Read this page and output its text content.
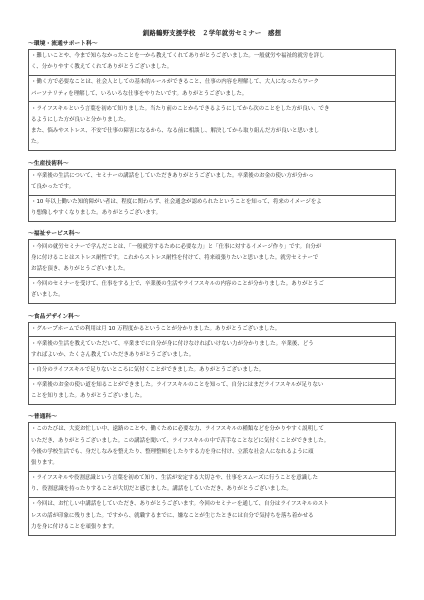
釧路鶴野支援学校　２学年就労セミナー　感想
～環境・流通サポート科～
・難しいことや、今まで知らなかったことを一から教えてくれてありがとうございました。一般就労や福祉的就労を詳し
く、分かりやすく教えてくれてありがとうございました。

・働く方で必要なことは、社会人としての基本的ルールができること、仕事の内容を理解して、大人になったらワーク
パーソナリティを理解して、いろいろな仕事をやりたいです。ありがとうございました。

・ライフスキルという言葉を初めて知りました。当たり前のことからできるようにしてから次のことをした方が良い、でき
るようにした方が良いと分かりました。
また、悩みやストレス、不安で仕事の障害になるから、なる前に相談し、解決してから取り組んだ方が良いと思いまし
た。
～生産技術科～
・卒業後の生活について、セミナーの講話をしていただきありがとうございました。卒業後のお金の使い方が分かっ
て良かったです。

・10 年以上働いた知的障がい者は、程度に関わらず、社会通念が認められたということを知って、将来のイメージをよ
り想像しやすくなりました。ありがとうございます。
～福祉サービス科～
・今回の就労セミナーで学んだことは、「一般就労するために必要な力」と「仕事に対するイメージ作り」です。自分が
身に付けることはストレス耐性です。これからストレス耐性を付けて、将来頑張りたいと思いました。就労セミナーで
お話を頂き、ありがとうございました。

・今回のセミナーを受けて、仕事をする上で、卒業後の生活やライフスキルの内容のことが分かりました。ありがとうご
ざいました。
～食品デザイン科～
・グループホームでの利用は月 10 万程度かるということが分かりました。ありがとうございました。

・卒業後の生活を教えていただいて、卒業までに自分が身に付けなければいけない力が分かりました。卒業後、どう
すればよいか、たくさん教えていただきありがとうございました。

・自分のライフスキルで足りないところに気付くことができました。ありがとうございました。

・卒業後のお金の使い道を知ることができました。ライフスキルのことを知って、自分にはまだライフスキルが足りない
ことを知りました。ありがとうございました。
～普通科～
・このたびは、大変お忙しい中、遠路のことや、働くために必要な力、ライフスキルの種類などを分かりやすく説明して
いただき、ありがとうございました。この講話を聞いて、ライフスキルの中で苦手なことなどに気付くことができました。
今後の学校生活でも、身だしなみを整えたり、整理整頓をしたりする力を身に付け、立派な社会人になれるように頑
張ります。

・ライフスキルや役割意識という言葉を初めて知り、生活が安定する大切さや、仕事をスムーズに行うことを意識した
り、役割意識を持ったりすることが大切だと感じました。講話をしていただき、ありがとうございました。

・今回は、お忙しい中講話をしていただき、ありがとうございます。今回のセミナーを通して、自分はライフスキルのスト
レスの話が印象に残りました。ですから、就職するまでに、嫌なことが生じたときには自分で気持ちを落ち着かせる
力を身に付けることを頑張ります。
